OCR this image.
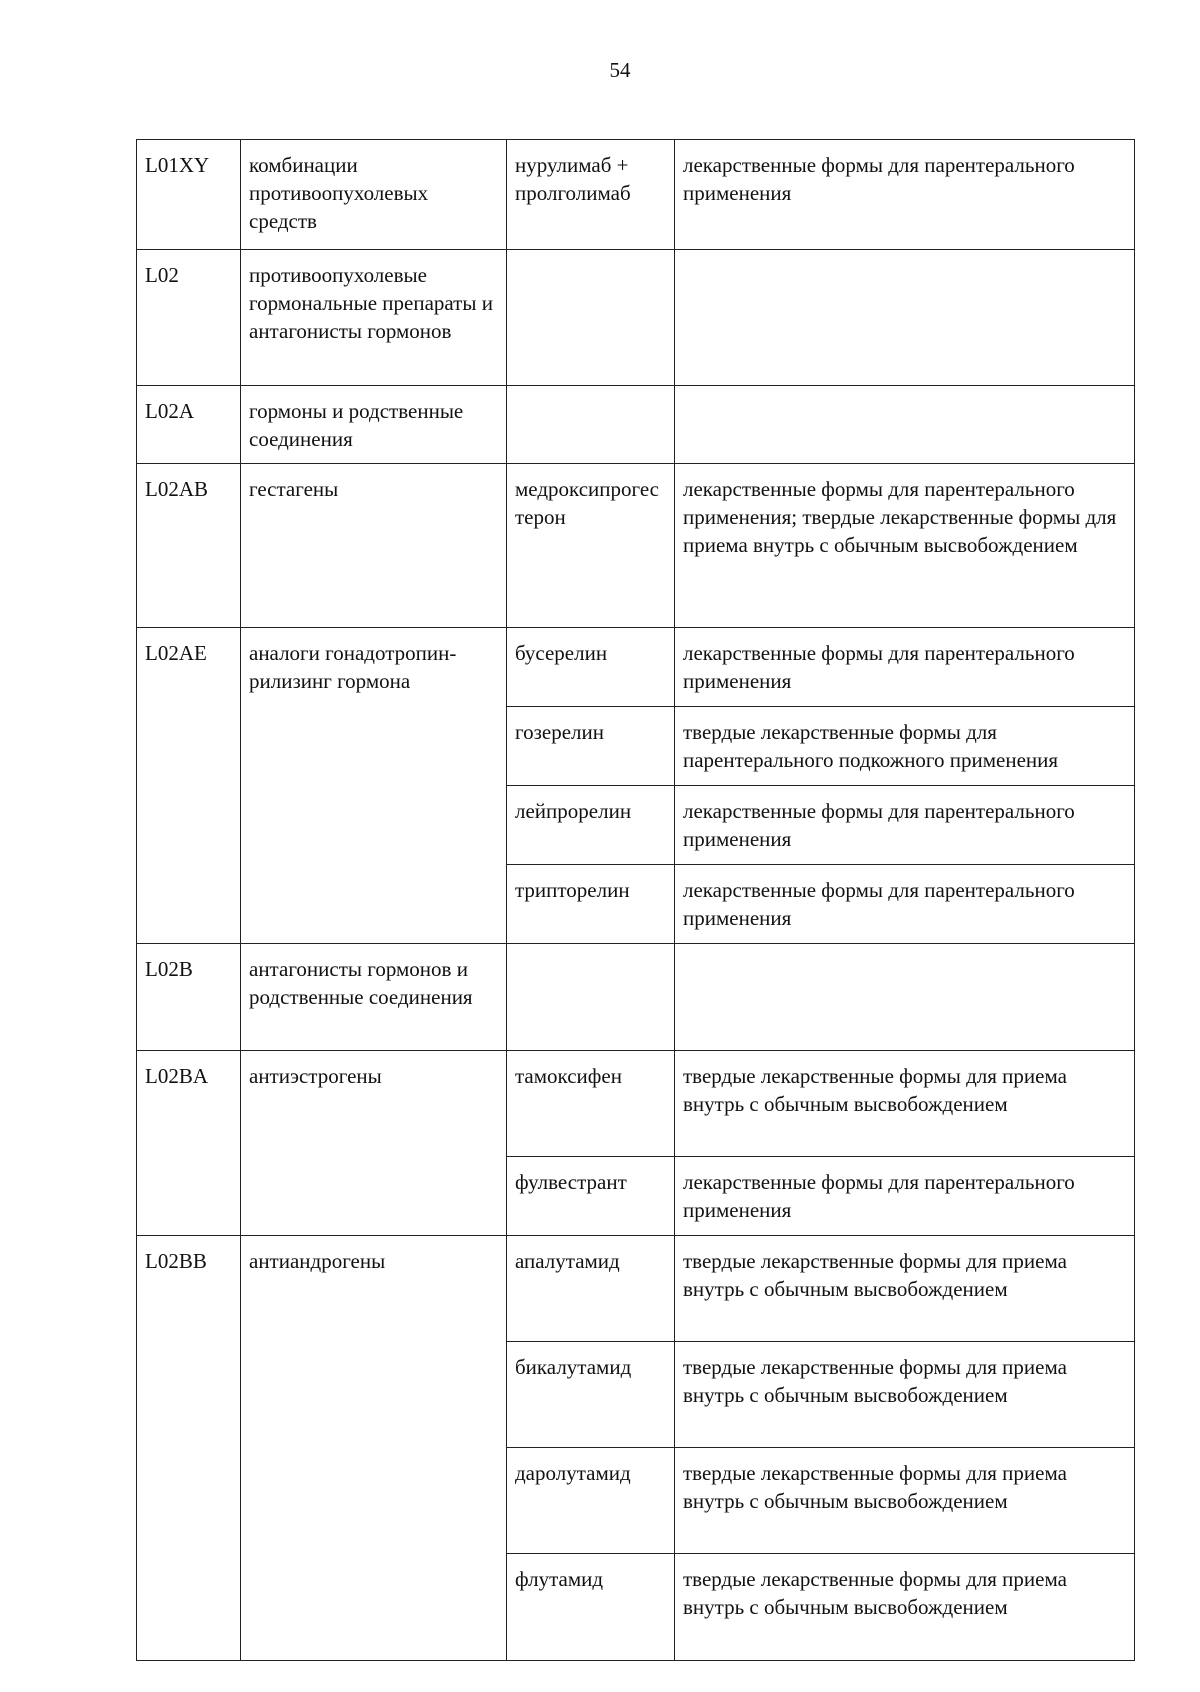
54
L01XY	комбинации противоопухолевых средств	нурулимаб + пролголимаб	лекарственные формы для парентерального применения
L02	противоопухолевые гормональные препараты и антагонисты гормонов		
L02A	гормоны и родственные соединения		
L02AB	гестагены	медроксипрогестерон	лекарственные формы для парентерального применения; твердые лекарственные формы для приема внутрь с обычным высвобождением
L02AE	аналоги гонадотропин-рилизинг гормона	бусерелин	лекарственные формы для парентерального применения
		гозерелин	твердые лекарственные формы для парентерального подкожного применения
		лейпрорелин	лекарственные формы для парентерального применения
		трипторелин	лекарственные формы для парентерального применения
L02B	антагонисты гормонов и родственные соединения		
L02BA	антиэстрогены	тамоксифен	твердые лекарственные формы для приема внутрь с обычным высвобождением
		фулвестрант	лекарственные формы для парентерального применения
L02BB	антиандрогены	апалутамид	твердые лекарственные формы для приема внутрь с обычным высвобождением
		бикалутамид	твердые лекарственные формы для приема внутрь с обычным высвобождением
		даролутамид	твердые лекарственные формы для приема внутрь с обычным высвобождением
		флутамид	твердые лекарственные формы для приема внутрь с обычным высвобождением
